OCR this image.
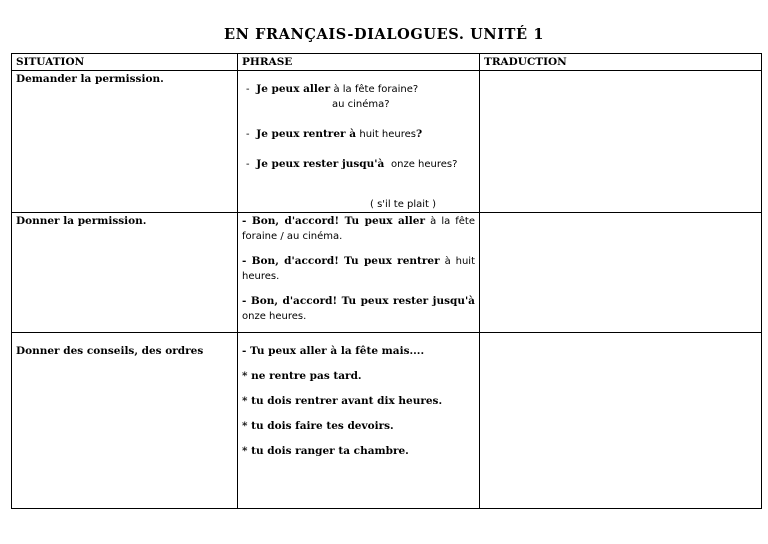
EN FRANÇAIS-DIALOGUES. UNITÉ 1
SITUATION	PHRASE	TRADUCTION
Demander la permission.	-  Je peux aller à la fête foraine?

au cinéma?

-  Je peux rentrer à huit heures?

-  Je peux rester jusqu'à onze heures?

( s'il te plait )	

Donner la permission.	- Bon, d'accord! Tu peux aller à la fête foraine / au cinéma.

- Bon, d'accord! Tu peux rentrer à huit heures.

- Bon, d'accord! Tu peux rester jusqu'à onze heures.	

Donner des conseils, des ordres	- Tu peux aller à la fête mais....

* ne rentre pas tard.

* tu dois rentrer avant dix heures.

* tu dois faire tes devoirs.

* tu dois ranger ta chambre.	
